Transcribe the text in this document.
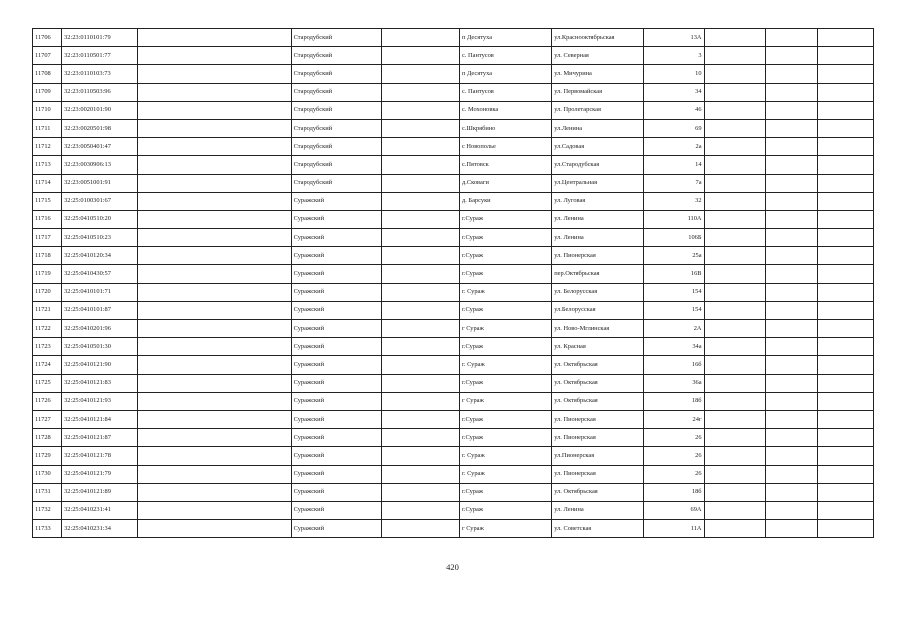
11706	32:23:0110101:79		Стародубский		п Десятуха	ул.Красноoктябрьская	13А			
11707	32:23:0110501:77		Стародубский		с. Пантусов	ул. Северная	3			
11708	32:23:0110103:73		Стародубский		п Десятуха	ул. Мичурина	10			
11709	32:23:0110503:96		Стародубский		с. Пантусов	ул. Первомайская	34			
11710	32:23:0020101:90		Стародубский		с. Мохоновка	ул. Пролетарская	46			
11711	32:23:0020501:98		Стародубский		с.Шкрябино	ул.Ленина	69			
11712	32:23:0050401:47		Стародубский		с Новополье	ул.Садовая	2а			
11713	32:23:0030906:13		Стародубский		с.Пятовск	ул.Стародубская	14			
11714	32:23:0051001:91		Стародубский		д.Сковаги	ул.Центральная	7а			
11715	32:25:0100301:67		Суражский		д. Барсуки	ул. Луговая	32			
11716	32:25:0410510:20		Суражский		г.Сураж	ул. Ленина	110А			
11717	32:25:0410510:23		Суражский		г.Сураж	ул. Ленина	106Б			
11718	32:25:0410120:34		Суражский		г.Сураж	ул. Пионерская	25а			
11719	32:25:0410430:57		Суражский		г.Сураж	пер.Октябрьская	16В			
11720	32:25:0410101:71		Суражский		г. Сураж	ул. Белорусская	154			
11721	32:25:0410101:87		Суражский		г.Сураж	ул.Белорусская	154			
11722	32:25:0410201:96		Суражский		г Сураж	ул. Ново-Мглинская	2А			
11723	32:25:0410501:30		Суражский		г.Сураж	ул. Красная	34а			
11724	32:25:0410121:90		Суражский		г. Сураж	ул. Октябрьская	16б			
11725	32:25:0410121:83		Суражский		г.Сураж	ул. Октябрьская	36а			
11726	32:25:0410121:93		Суражский		г Сураж	ул. Октябрьская	18б			
11727	32:25:0410121:84		Суражский		г.Сураж	ул. Пионерская	24г			
11728	32:25:0410121:87		Суражский		г.Сураж	ул. Пионерская	26			
11729	32:25:0410121:78		Суражский		г. Сураж	ул.Пионерская	26			
11730	32:25:0410121:79		Суражский		г. Сураж	ул. Пионерская	26			
11731	32:25:0410121:89		Суражский		г.Сураж	ул. Октябрьская	18б			
11732	32:25:0410231:41		Суражский		г.Сураж	ул. Ленина	69А			
11733	32:25:0410231:34		Суражский		г Сураж	ул. Советская	11А			
420
